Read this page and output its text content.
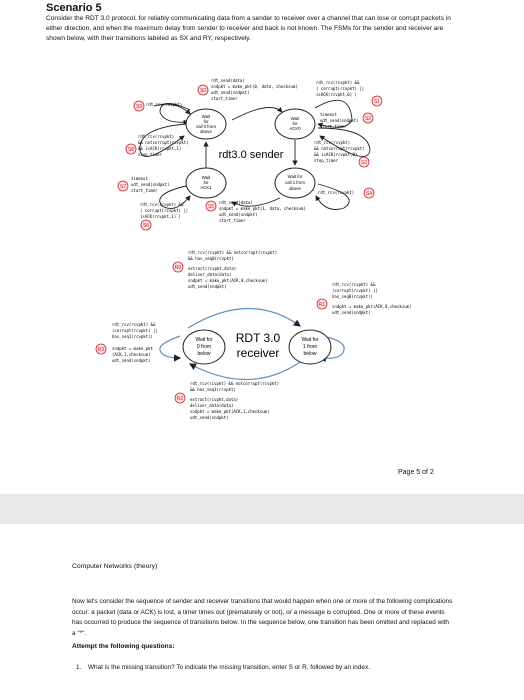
Scenario 5

Consider the RDT 3.0 protocol, for reliably communicating data from a sender to receiver over a channel that can lose or corrupt packets in either direction, and when the maximum delay from sender to receiver and back is not known. The FSMs for the sender and receiver are shown below, with their transitions labeled as SX and RY, respectively.

Wait
for
call 0 from
above
Wait
for
ACK0
Wait for
call 1 from
above
Wait
for
ACK1
rdt3.0 sender
S0
rdt_send(data)
sndpkt = make_pkt(0, data, checksum)
udt_send(sndpkt)
start_timer
rdt_rcv(rcvpkt) &&
( corrupt(rcvpkt) ||
isACK(rcvpkt,0) )
S1
timeout
udt_send(sndpkt)
start_timer
S2
rdt_rcv(rcvpkt)
&& notcorrupt(rcvpkt)
&& isACK(rcvpkt,0)
stop_timer	S3
rdt_rcv(rcvpkt) S4
S5
rdt_send(data)
sndpkt = make_pkt(1, data, checksum)
udt_send(sndpkt)
start_timer
rdt_rcv(rcvpkt) &&
( corrupt(rcvpkt) ||
isACK(rcvpkt,1) )
S6
S7
timeout
udt_send(sndpkt)
start_timer
rdt_rcv(rcvpkt)
&& notcorrupt(rcvpkt)
&& isACK(rcvpkt,1)
stop_timer
S8
S9 rdt_rcv(rcvpkt)
Wait for
0 from
below
Wait for
1 from
below
RDT 3.0
receiver
R0
rdt_rcv(rcvpkt) && notcorrupt(rcvpkt)
&& has_seq0(rcvpkt)
extract(rcvpkt,data)
deliver_data(data)
sndpkt = make_pkt(ACK,0,checksum)
udt_send(sndpkt)	rdt_rcv(rcvpkt) &&
(corrupt(rcvpkt) ||
has_seq0(rcvpkt))
R1 sndpkt = make_pkt(ACK,0,checksum)
udt_send(sndpkt)
R2
rdt_rcv(rcvpkt) && notcorrupt(rcvpkt)
&& has_seq1(rcvpkt)
extract(rcvpkt,data)
deliver_data(data)
sndpkt = make_pkt(ACK,1,checksum)
udt_send(sndpkt)
rdt_rcv(rcvpkt) &&
(corrupt(rcvpkt) ||
has_seq1(rcvpkt))
R3 sndpkt = make_pkt
(ACK,1,checksum)
udt_send(sndpkt)
Page 5 of 2
Computer Networks (theory)

Now let's consider the sequence of sender and receiver transitions that would happen when one or more of the following complications occur: a packet (data or ACK) is lost, a timer times out (prematurely or not), or a message is corrupted. One or more of these events has occurred to produce the sequence of transitions below. In the sequence below, one transition has been omitted and replaced with a "*".

Attempt the following questions:
1. What is the missing transition? To indicate the missing transition, enter S or R, followed by an index.
